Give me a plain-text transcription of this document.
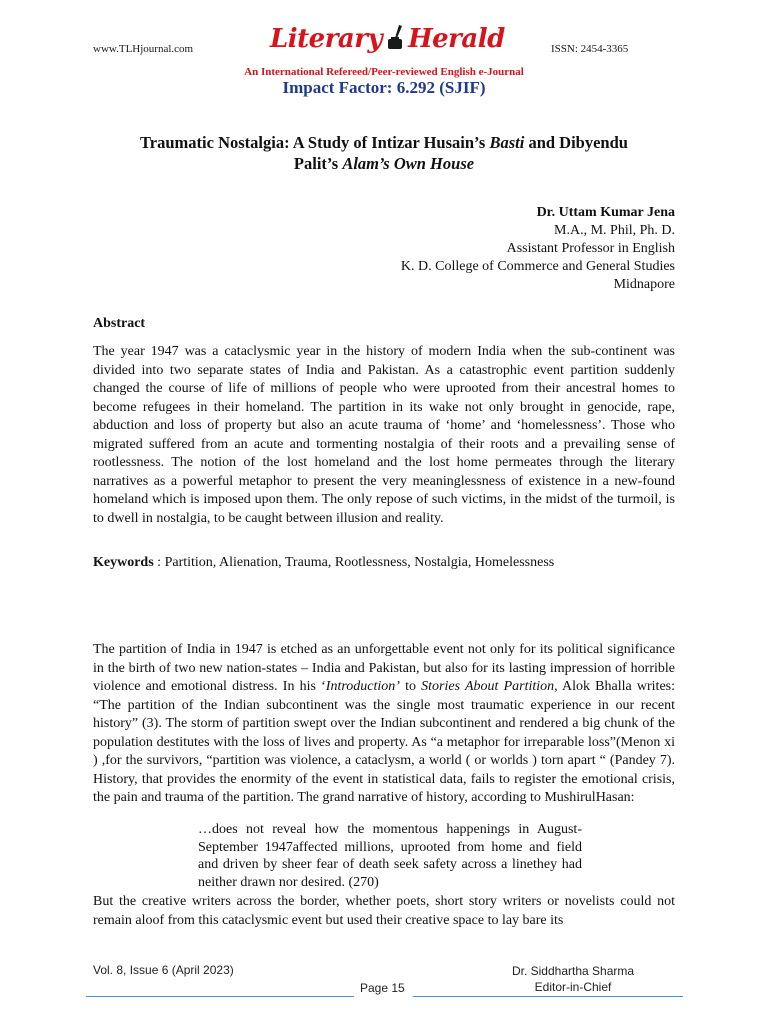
www.TLHjournal.com	Literary Herald	ISSN: 2454-3365
An International Refereed/Peer-reviewed English e-Journal
Impact Factor: 6.292 (SJIF)
Traumatic Nostalgia: A Study of Intizar Husain’s Basti and Dibyendu
Palit’s Alam’s Own House
Dr. Uttam Kumar Jena
M.A., M. Phil, Ph. D.
Assistant Professor in English
K. D. College of Commerce and General Studies
Midnapore
Abstract
The year 1947 was a cataclysmic year in the history of modern India when the sub-continent was divided into two separate states of India and Pakistan. As a catastrophic event partition suddenly changed the course of life of millions of people who were uprooted from their ancestral homes to become refugees in their homeland. The partition in its wake not only brought in genocide, rape, abduction and loss of property but also an acute trauma of ‘home’ and ‘homelessness’. Those who migrated suffered from an acute and tormenting nostalgia of their roots and a prevailing sense of rootlessness. The notion of the lost homeland and the lost home permeates through the literary narratives as a powerful metaphor to present the very meaninglessness of existence in a new-found homeland which is imposed upon them. The only repose of such victims, in the midst of the turmoil, is to dwell in nostalgia, to be caught between illusion and reality.
Keywords : Partition, Alienation, Trauma, Rootlessness, Nostalgia, Homelessness
The partition of India in 1947 is etched as an unforgettable event not only for its political significance in the birth of two new nation-states – India and Pakistan, but also for its lasting impression of horrible violence and emotional distress. In his ‘Introduction’ to Stories About Partition, Alok Bhalla writes: “The partition of the Indian subcontinent was the single most traumatic experience in our recent history” (3). The storm of partition swept over the Indian subcontinent and rendered a big chunk of the population destitutes with the loss of lives and property. As “a metaphor for irreparable loss”(Menon xi ) ,for the survivors, “partition was violence, a cataclysm, a world ( or worlds ) torn apart “ (Pandey 7). History, that provides the enormity of the event in statistical data, fails to register the emotional crisis, the pain and trauma of the partition. The grand narrative of history, according to MushirulHasan:
…does not reveal how the momentous happenings in August-September 1947affected millions, uprooted from home and field and driven by sheer fear of death seek safety across a linethey had neither drawn nor desired. (270)
But the creative writers across the border, whether poets, short story writers or novelists could not remain aloof from this cataclysmic event but used their creative space to lay bare its
Vol. 8, Issue 6 (April 2023)
Page 15
Dr. Siddhartha Sharma
Editor-in-Chief
